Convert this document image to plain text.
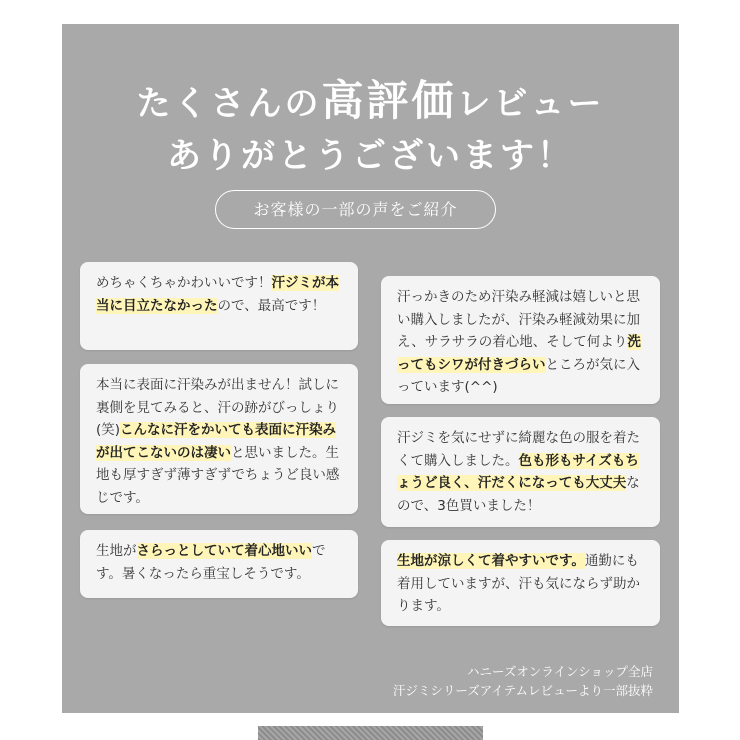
たくさんの高評価レビュー
ありがとうございます！
お客様の一部の声をご紹介
ハニーズオンラインショップ全店
汗ジミシリーズアイテムレビューより一部抜粋
めちゃくちゃかわいいです！汗ジミが本当に目立たなかったので、最高です！
本当に表面に汗染みが出ません！試しに裏側を見てみると、汗の跡がびっしょり(笑)こんなに汗をかいても表面に汗染みが出てこないのは凄いと思いました。生地も厚すぎず薄すぎずでちょうど良い感じです。
生地がさらっとしていて着心地いいです。暑くなったら重宝しそうです。
汗っかきのため汗染み軽減は嬉しいと思い購入しましたが、汗染み軽減効果に加え、サラサラの着心地、そして何より洗ってもシワが付きづらいところが気に入っています(^^)
汗ジミを気にせずに綺麗な色の服を着たくて購入しました。色も形もサイズもちょうど良く、汗だくになっても大丈夫なので、3色買いました！
生地が涼しくて着やすいです。通勤にも着用していますが、汗も気にならず助かります。
